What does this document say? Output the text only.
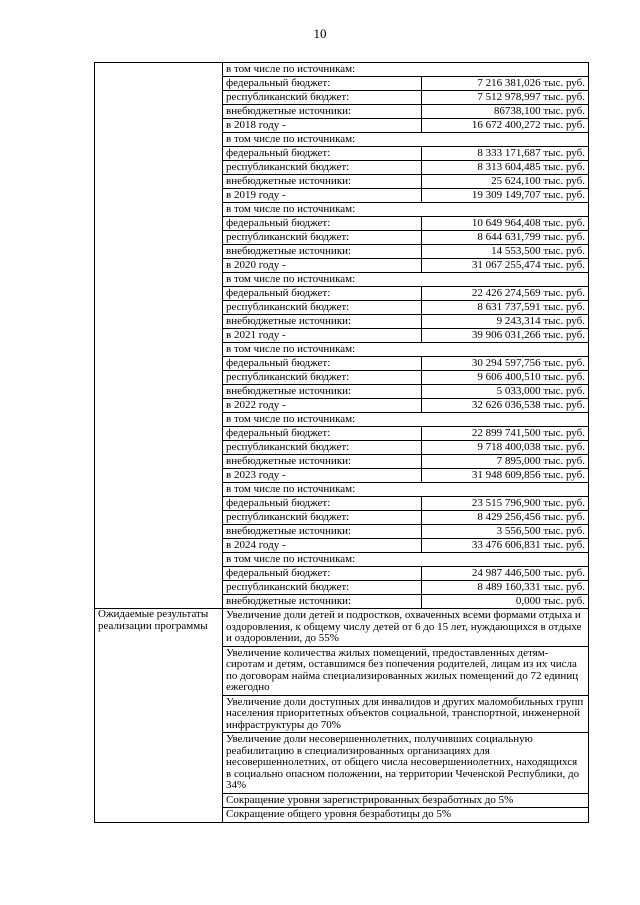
10
	в том числе по источникам:	
	федеральный бюджет:	7 216 381,026 тыс. руб.
	республиканский бюджет:	7 512 978,997 тыс. руб.
	внебюджетные источники:	86738,100 тыс. руб.
	в 2018 году -	16 672 400,272 тыс. руб.
	в том числе по источникам:	
	федеральный бюджет:	8 333 171,687 тыс. руб.
	республиканский бюджет:	8 313 604,485 тыс. руб.
	внебюджетные источники:	25 624,100 тыс. руб.
	в 2019 году -	19 309 149,707 тыс. руб.
	в том числе по источникам:	
	федеральный бюджет:	10 649 964,408 тыс. руб.
	республиканский бюджет:	8 644 631,799 тыс. руб.
	внебюджетные источники:	14 553,500 тыс. руб.
	в 2020 году -	31 067 255,474 тыс. руб.
	в том числе по источникам:	
	федеральный бюджет:	22 426 274,569 тыс. руб.
	республиканский бюджет:	8 631 737,591 тыс. руб.
	внебюджетные источники:	9 243,314 тыс. руб.
	в 2021 году -	39 906 031,266 тыс. руб.
	в том числе по источникам:	
	федеральный бюджет:	30 294 597,756 тыс. руб.
	республиканский бюджет:	9 606 400,510 тыс. руб.
	внебюджетные источники:	5 033,000 тыс. руб.
	в 2022 году -	32 626 036,538 тыс. руб.
	в том числе по источникам:	
	федеральный бюджет:	22 899 741,500 тыс. руб.
	республиканский бюджет:	9 718 400,038 тыс. руб.
	внебюджетные источники:	7 895,000 тыс. руб.
	в 2023 году -	31 948 609,856 тыс. руб.
	в том числе по источникам:	
	федеральный бюджет:	23 515 796,900 тыс. руб.
	республиканский бюджет:	8 429 256,456 тыс. руб.
	внебюджетные источники:	3 556,500 тыс. руб.
	в 2024 году -	33 476 606,831 тыс. руб.
	в том числе по источникам:	
	федеральный бюджет:	24 987 446,500 тыс. руб.
	республиканский бюджет:	8 489 160,331 тыс. руб.
	внебюджетные источники:	0,000 тыс. руб.
Ожидаемые результаты реализации программы	Увеличение доли детей и подростков, охваченных всеми формами отдыха и оздоровления, к общему числу детей от 6 до 15 лет, нуждающихся в отдыхе и оздоровлении, до 55%	
	Увеличение количества жилых помещений, предоставленных детям-сиротам и детям, оставшимся без попечения родителей, лицам из их числа по договорам найма специализированных жилых помещений до 72 единиц ежегодно	
	Увеличение доли доступных для инвалидов и других маломобильных групп населения приоритетных объектов социальной, транспортной, инженерной инфраструктуры до 70%	
	Увеличение доли несовершеннолетних, получивших социальную реабилитацию в специализированных организациях для несовершеннолетних, от общего числа несовершеннолетних, находящихся в социально опасном положении, на территории Чеченской Республики, до 34%	
	Сокращение уровня зарегистрированных безработных до 5%	
	Сокращение общего уровня безработицы до 5%	
